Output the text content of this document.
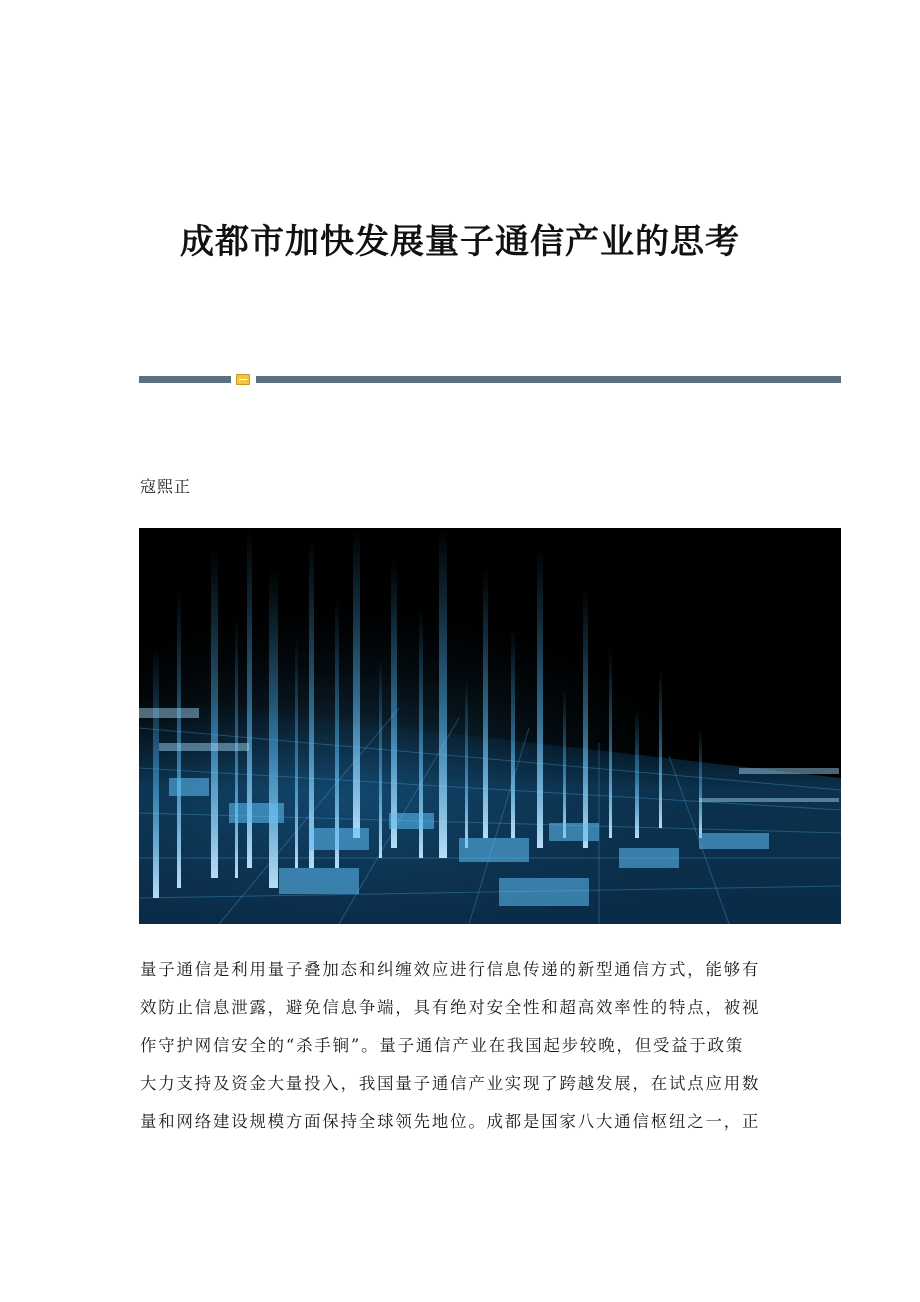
成都市加快发展量子通信产业的思考
寇熙正

量子通信是利用量子叠加态和纠缠效应进行信息传递的新型通信方式，能够有
效防止信息泄露，避免信息争端，具有绝对安全性和超高效率性的特点，被视
作守护网信安全的“杀手锏”。量子通信产业在我国起步较晚，但受益于政策
大力支持及资金大量投入，我国量子通信产业实现了跨越发展，在试点应用数
量和网络建设规模方面保持全球领先地位。成都是国家八大通信枢纽之一，正
